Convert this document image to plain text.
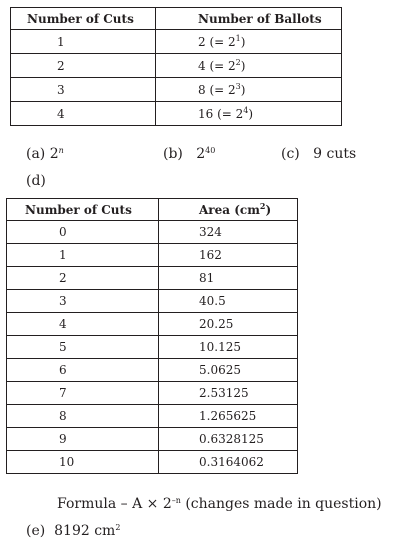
Number of Cuts	Number of Ballots
1	2 (= $2^1$)
2	4 (= $2^2$)
3	8 (= $2^3$)
4	16 (= $2^4$)
(a) 2$^n$	(b) $2^{40}$	(c) 9 cuts
(d)
Number of Cuts	Area $(cm^2)$
0	324
1	162
2	81
3	40.5
4	20.25
5	10.125
6	5.0625
7	2.53125
8	1.265625
9	0.6328125
10	0.3164062
Formula – $A \times 2^{-n}$ (changes made in question)
(e) 8192 $cm^2$
